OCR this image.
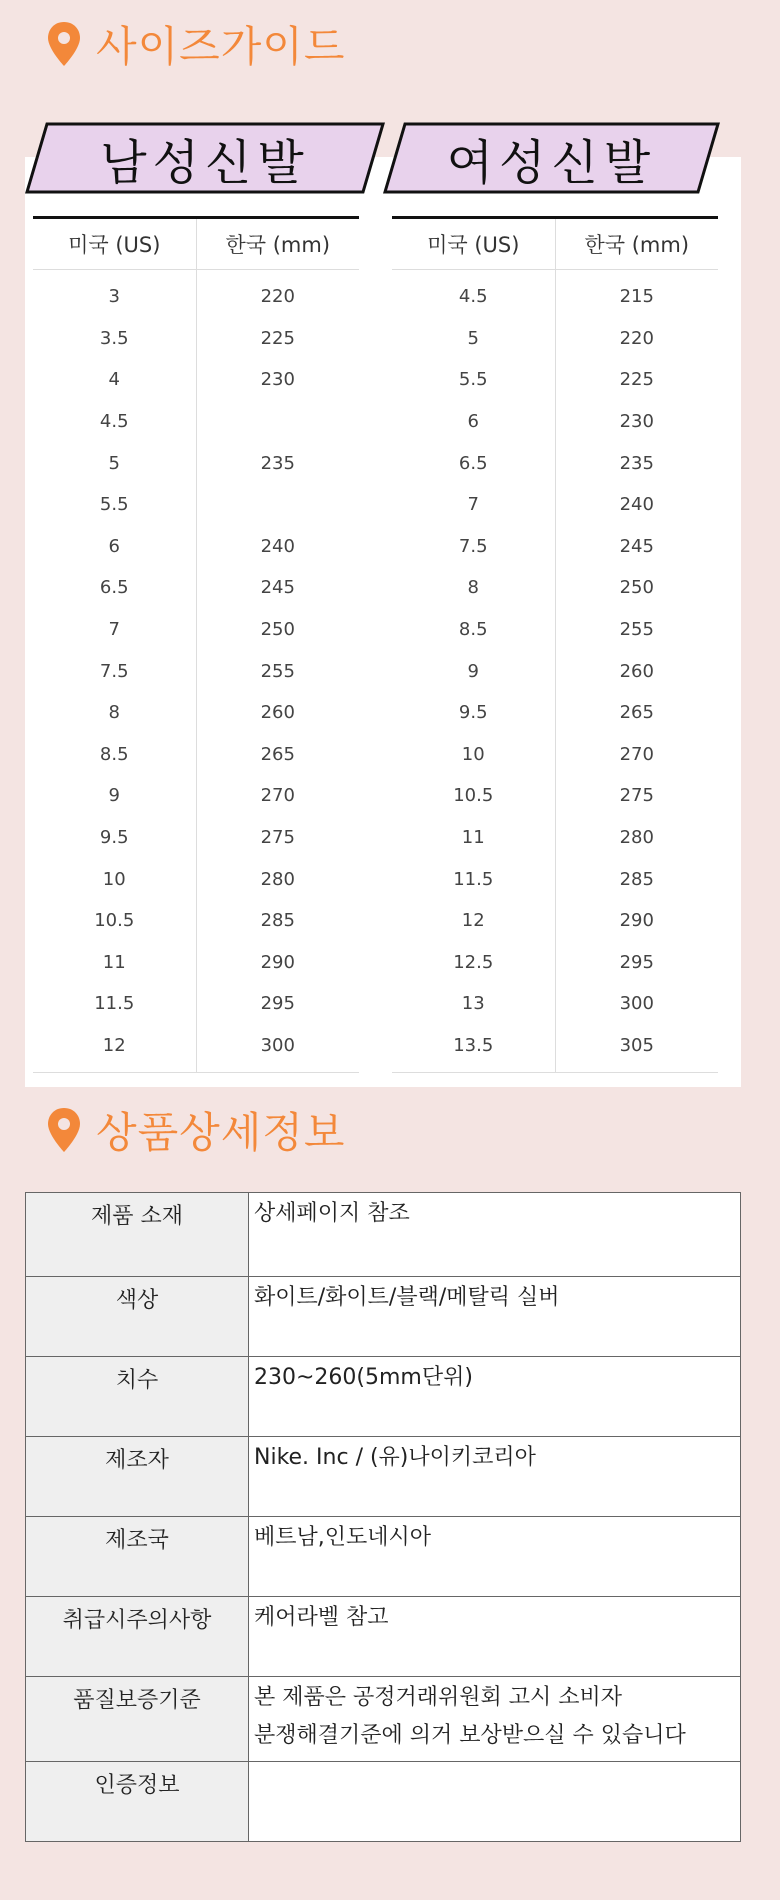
사이즈가이드
남성신발	여성신발
미국 (US)	한국 (mm)
3	220
3.5	225
4	230
4.5	
5	235
5.5	
6	240
6.5	245
7	250
7.5	255
8	260
8.5	265
9	270
9.5	275
10	280
10.5	285
11	290
11.5	295
12	300
미국 (US)	한국 (mm)
4.5	215
5	220
5.5	225
6	230
6.5	235
7	240
7.5	245
8	250
8.5	255
9	260
9.5	265
10	270
10.5	275
11	280
11.5	285
12	290
12.5	295
13	300
13.5	305
상품상세정보
제품 소재	상세페이지 참조
색상	화이트/화이트/블랙/메탈릭 실버
치수	230~260(5mm단위)
제조자	Nike. Inc / (유)나이키코리아
제조국	베트남,인도네시아
취급시주의사항	케어라벨 참고
품질보증기준	본 제품은 공정거래위원회 고시 소비자
분쟁해결기준에 의거 보상받으실 수 있습니다

인증정보	
